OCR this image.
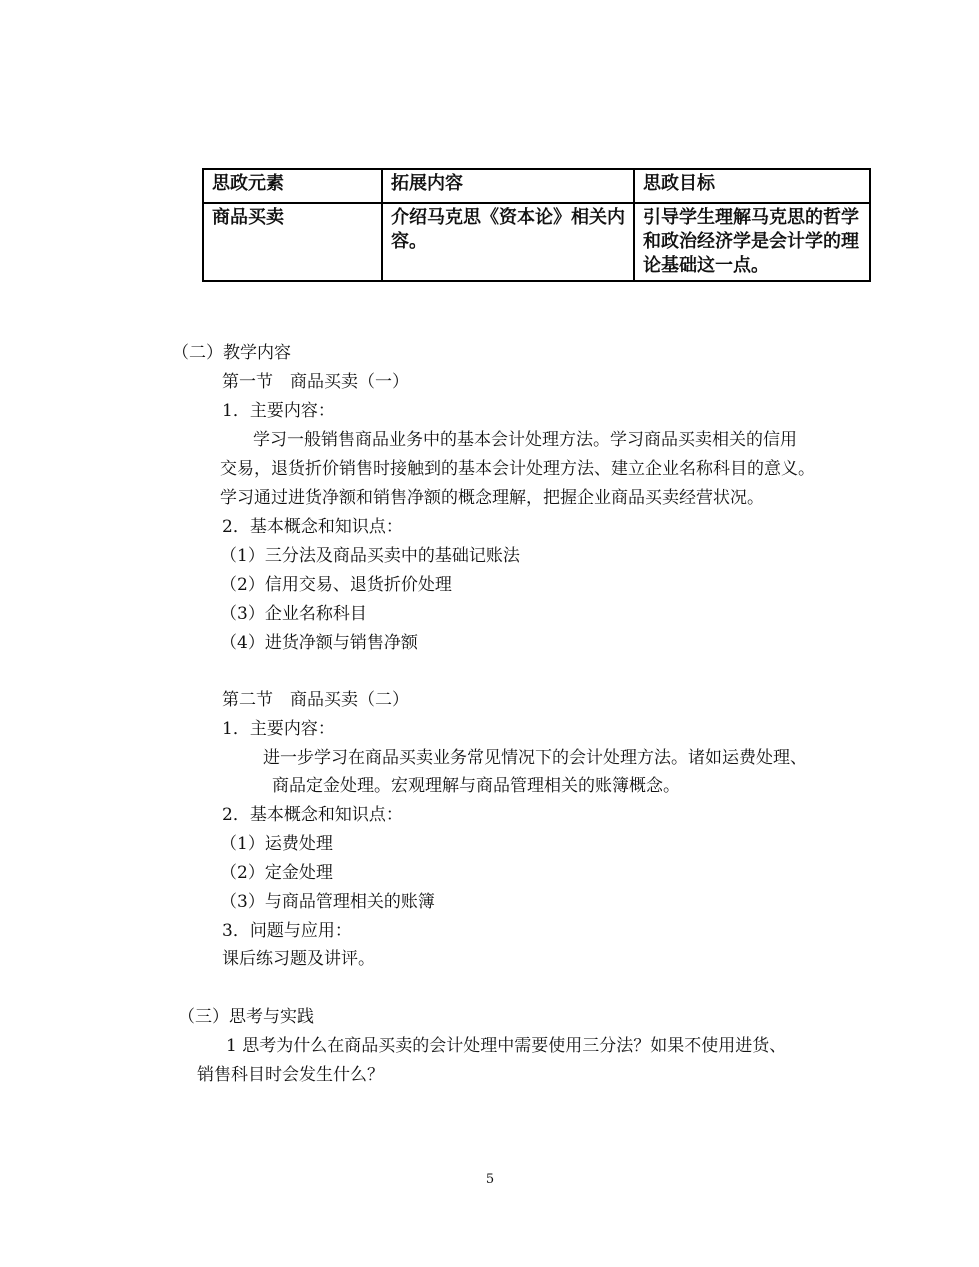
思政元素	拓展内容	思政目标
商品买卖	介绍马克思《资本论》相关内容。	引导学生理解马克思的哲学和政治经济学是会计学的理论基础这一点。
（二）教学内容
第一节　商品买卖（一）
1．主要内容：
学习一般销售商品业务中的基本会计处理方法。学习商品买卖相关的信用
交易，退货折价销售时接触到的基本会计处理方法、建立企业名称科目的意义。
学习通过进货净额和销售净额的概念理解，把握企业商品买卖经营状况。
2．基本概念和知识点：
（1）三分法及商品买卖中的基础记账法
（2）信用交易、退货折价处理
（3）企业名称科目
（4）进货净额与销售净额
第二节　商品买卖（二）
1．主要内容：
进一步学习在商品买卖业务常见情况下的会计处理方法。诸如运费处理、
商品定金处理。宏观理解与商品管理相关的账簿概念。
2．基本概念和知识点：
（1）运费处理
（2）定金处理
（3）与商品管理相关的账簿
3．问题与应用：
课后练习题及讲评。
（三）思考与实践
1 思考为什么在商品买卖的会计处理中需要使用三分法？如果不使用进货、
销售科目时会发生什么？
5
